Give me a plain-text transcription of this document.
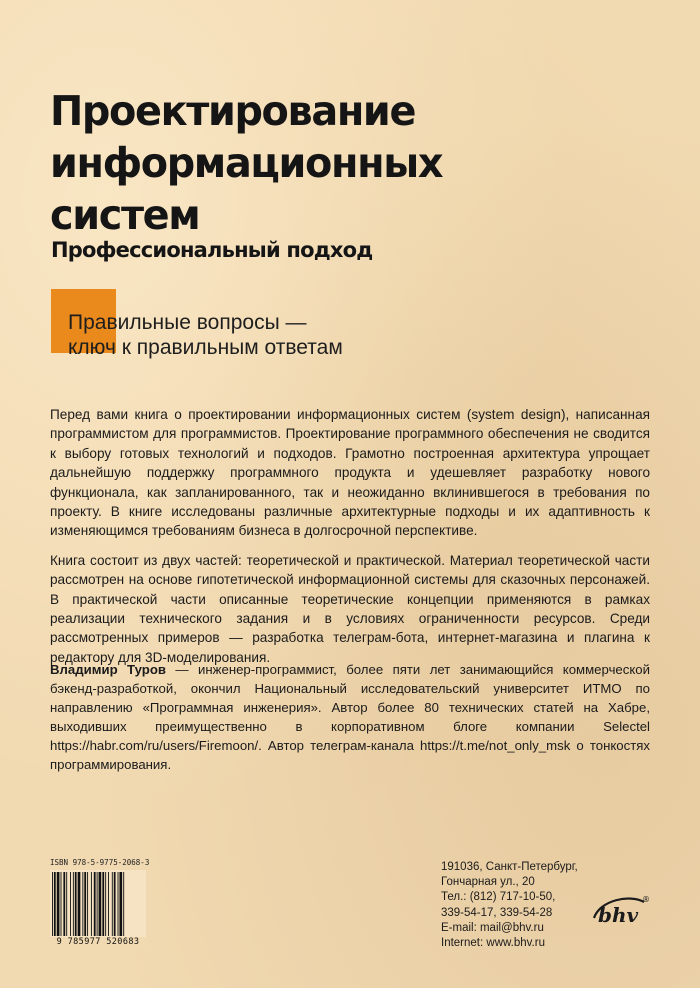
Проектирование
информационных
систем
Профессиональный подход
Правильные вопросы —
ключ к правильным ответам

Перед вами книга о проектировании информационных систем (system design), написанная программистом для программистов. Проектирование программного обеспечения не сводится к выбору готовых технологий и подходов. Грамотно построенная архитектура упрощает дальнейшую поддержку программного продукта и удешевляет разработку нового функционала, как запланированного, так и неожиданно вклинившегося в требования по проекту. В книге исследованы различные архитектурные подходы и их адаптивность к изменяющимся требованиям бизнеса в долгосрочной перспективе.

Книга состоит из двух частей: теоретической и практической. Материал теоретической части рассмотрен на основе гипотетической информационной системы для сказочных персонажей. В практической части описанные теоретические концепции применяются в рамках реализации технического задания и в условиях ограниченности ресурсов. Среди рассмотренных примеров — разработка телеграм-бота, интернет-магазина и плагина к редактору для 3D-моделирования.

Владимир Туров — инженер-программист, более пяти лет занимающийся коммерческой бэкенд-разработкой, окончил Национальный исследовательский университет ИТМО по направлению «Программная инженерия». Автор более 80 технических статей на Хабре, выходивших преимущественно в корпоративном блоге компании Selectel https://habr.com/ru/users/Firemoon/. Автор телеграм-канала https://t.me/not_only_msk о тонкостях программирования.

ISBN 978-5-9775-2068-3
9 785977 520683
191036, Санкт-Петербург,
Гончарная ул., 20
Тел.: (812) 717-10-50,
339-54-17, 339-54-28
E-mail: mail@bhv.ru
Internet: www.bhv.ru
bhv
®
